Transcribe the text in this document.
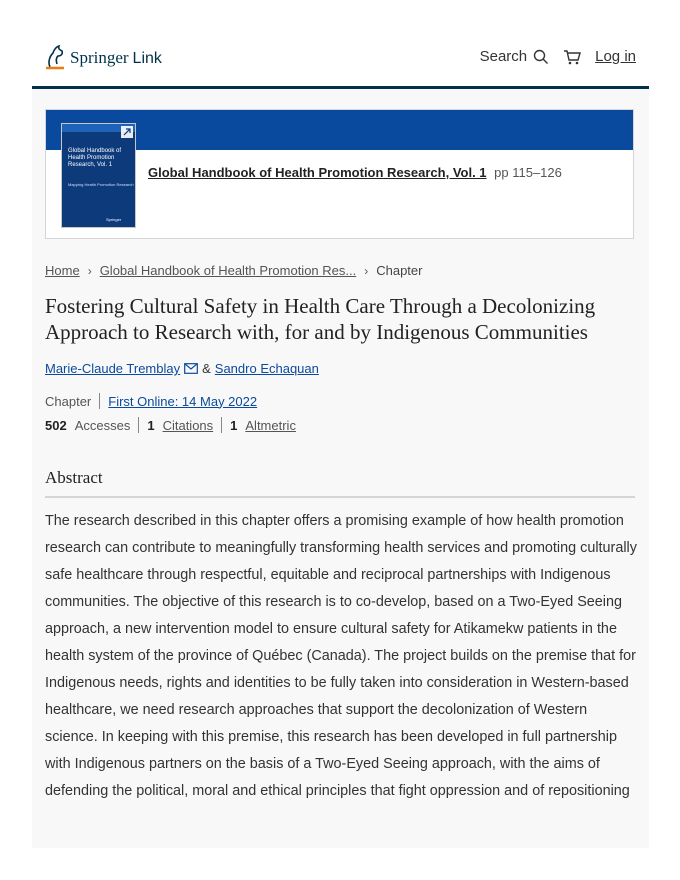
Springer Link	Search	Log in
Global Handbook of Health Promotion Research, Vol. 1
Mapping Health Promotion Research
Springer
Global Handbook of Health Promotion Research, Vol. 1 pp 115–126
Home › Global Handbook of Health Promotion Res... › Chapter
Fostering Cultural Safety in Health Care Through a Decolonizing Approach to Research with, for and by Indigenous Communities
Marie-Claude Tremblay & Sandro Echaquan
Chapter First Online: 14 May 2022
502 Accesses 1 Citations 1 Altmetric
Abstract

The research described in this chapter offers a promising example of how health promotion research can contribute to meaningfully transforming health services and promoting culturally safe healthcare through respectful, equitable and reciprocal partnerships with Indigenous communities. The objective of this research is to co-develop, based on a Two-Eyed Seeing approach, a new intervention model to ensure cultural safety for Atikamekw patients in the health system of the province of Québec (Canada). The project builds on the premise that for Indigenous needs, rights and identities to be fully taken into consideration in Western-based healthcare, we need research approaches that support the decolonization of Western science. In keeping with this premise, this research has been developed in full partnership with Indigenous partners on the basis of a Two-Eyed Seeing approach, with the aims of defending the political, moral and ethical principles that fight oppression and of repositioning
